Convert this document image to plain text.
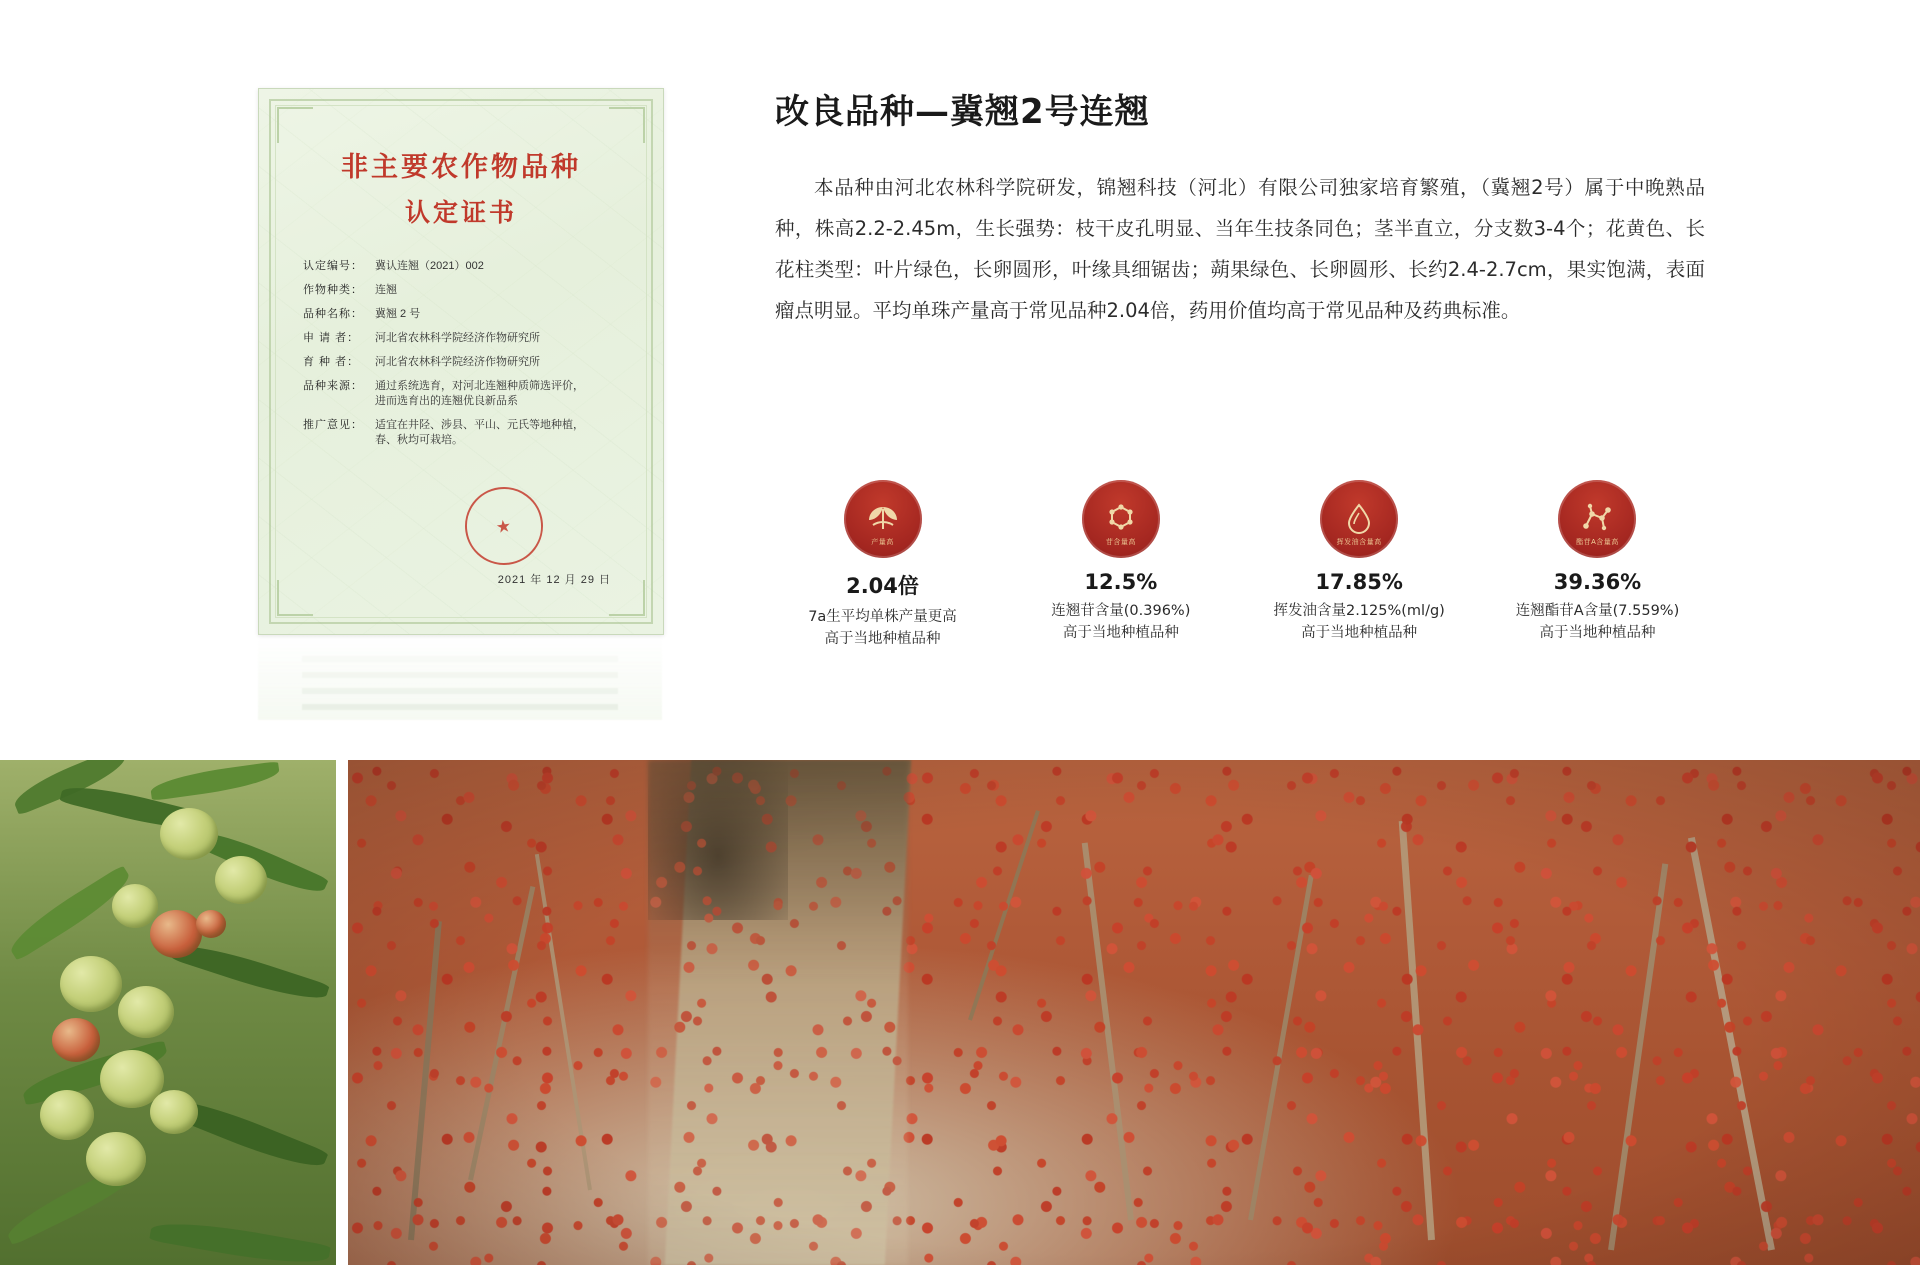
非主要农作物品种
认定证书
认定编号：	冀认连翘（2021）002
作物种类：	连翘
品种名称：	冀翘 2 号
申 请 者：	河北省农林科学院经济作物研究所
育 种 者：	河北省农林科学院经济作物研究所
品种来源：	通过系统选育，对河北连翘种质筛选评价，
进而选育出的连翘优良新品系
推广意见：	适宜在井陉、涉县、平山、元氏等地种植，
春、秋均可栽培。
★
2021 年 12 月 29 日
改良品种—冀翘2号连翘

本品种由河北农林科学院研发，锦翘科技（河北）有限公司独家培育繁殖，（冀翘2号）属于中晚熟品种，株高2.2-2.45m，生长强势：枝干皮孔明显、当年生技条同色；茎半直立，分支数3-4个；花黄色、长花柱类型：叶片绿色，长卵圆形，叶缘具细锯齿；蒴果绿色、长卵圆形、长约2.4-2.7cm，果实饱满，表面瘤点明显。平均单珠产量高于常见品种2.04倍，药用价值均高于常见品种及药典标准。

产量高
2.04倍
7a生平均单株产量更高
高于当地种植品种
苷含量高
12.5%
连翘苷含量(0.396%)
高于当地种植品种
挥发油含量高
17.85%
挥发油含量2.125%(ml/g)
高于当地种植品种
酯苷A含量高
39.36%
连翘酯苷A含量(7.559%)
高于当地种植品种
